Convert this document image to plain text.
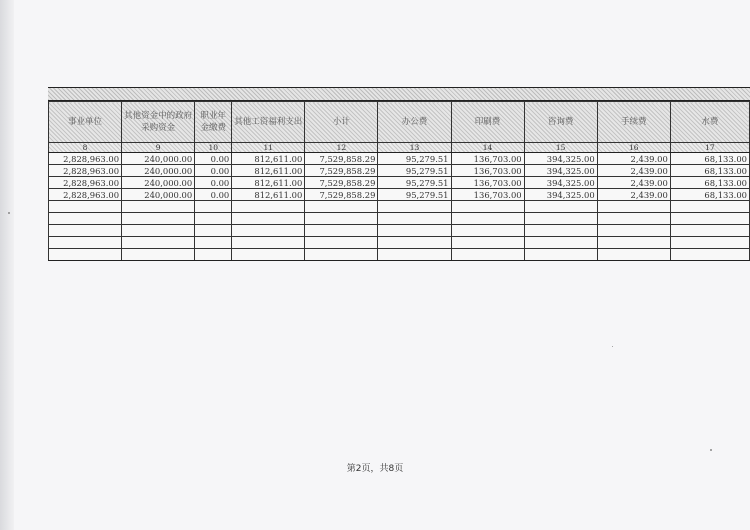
事业单位	其他资金中的政府采购资金	职业年金缴费	其他工资福利支出	小计	办公费	印刷费	咨询费	手续费	水费
8	9	10	11	12	13	14	15	16	17
2,828,963.00	240,000.00	0.00	812,611.00	7,529,858.29	95,279.51	136,703.00	394,325.00	2,439.00	68,133.00
2,828,963.00	240,000.00	0.00	812,611.00	7,529,858.29	95,279.51	136,703.00	394,325.00	2,439.00	68,133.00
2,828,963.00	240,000.00	0.00	812,611.00	7,529,858.29	95,279.51	136,703.00	394,325.00	2,439.00	68,133.00
2,828,963.00	240,000.00	0.00	812,611.00	7,529,858.29	95,279.51	136,703.00	394,325.00	2,439.00	68,133.00

第2页，共8页
